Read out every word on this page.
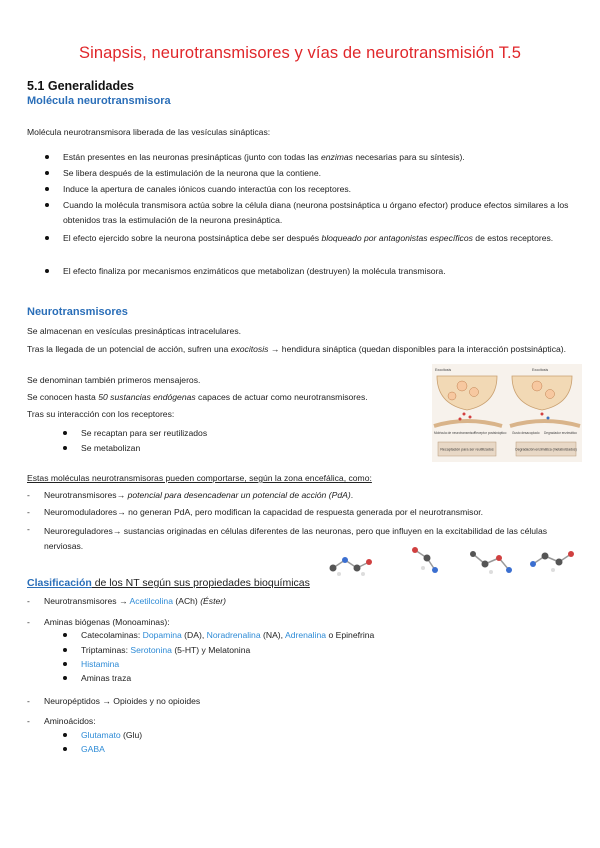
Sinapsis, neurotransmisores y vías de neurotransmisión T.5
5.1 Generalidades
Molécula neurotransmisora
Molécula neurotransmisora liberada de las vesículas sinápticas:
Están presentes en las neuronas presinápticas (junto con todas las enzimas necesarias para su síntesis).
Se libera después de la estimulación de la neurona que la contiene.
Induce la apertura de canales iónicos cuando interactúa con los receptores.
Cuando la molécula transmisora actúa sobre la célula diana (neurona postsináptica u órgano efector) produce efectos similares a los obtenidos tras la estimulación de la neurona presináptica.
El efecto ejercido sobre la neurona postsináptica debe ser después bloqueado por antagonistas específicos de estos receptores.
El efecto finaliza por mecanismos enzimáticos que metabolizan (destruyen) la molécula transmisora.
Neurotransmisores
Se almacenan en vesículas presinápticas intracelulares.
Tras la llegada de un potencial de acción, sufren una exocitosis → hendidura sináptica (quedan disponibles para la interacción postsináptica).
Se denominan también primeros mensajeros.
Se conocen hasta 50 sustancias endógenas capaces de actuar como neurotransmisores.
Tras su interacción con los receptores:
Se recaptan para ser reutilizados
Se metabolizan
Exocitosis	Exocitosis
Molécula de neurotransmisor
Receptor postsináptico Gusto desacoplado Degradador enzimático
Recaptación para ser reutilizados	Degradación enzimática (metabolizados)
Estas moléculas neurotransmisoras pueden comportarse, según la zona encefálica, como:
- Neurotransmisores→ potencial para desencadenar un potencial de acción (PdA).
- Neuromoduladores→ no generan PdA, pero modifican la capacidad de respuesta generada por el neurotransmisor.
- Neuroreguladores→ sustancias originadas en células diferentes de las neuronas, pero que influyen en la excitabilidad de las células nerviosas.
Clasificación de los NT según sus propiedades bioquímicas
- Neurotransmisores → Acetilcolina (ACh) (Éster)
- Aminas biógenas (Monoaminas):
Catecolaminas: Dopamina (DA), Noradrenalina (NA), Adrenalina o Epinefrina
Triptaminas: Serotonina (5-HT) y Melatonina
Histamina
Aminas traza
- Neuropéptidos → Opioides y no opioides
- Aminoácidos:
Glutamato (Glu)
GABA
